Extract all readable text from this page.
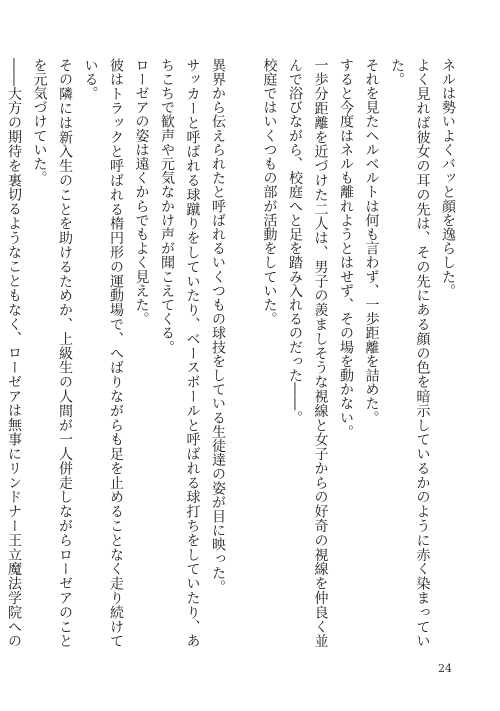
ネルは勢いよくバッと顔を逸らした。

よく見れば彼女の耳の先は、その先にある顔の色を暗示しているかのように赤く染まっていた。

それを見たヘルベルトは何も言わず、一歩距離を詰めた。

すると今度はネルも離れようとはせず、その場を動かない。

一歩分距離を近づけた二人は、男子の羨ましそうな視線と女子からの好奇の視線を仲良く並んで浴びながら、校庭へと足を踏み入れるのだった――。

校庭ではいくつもの部が活動をしていた。

異界から伝えられたと呼ばれるいくつもの球技をしている生徒達の姿が目に映った。

サッカーと呼ばれる球蹴りをしていたり、ベースボールと呼ばれる球打ちをしていたり、あちこちで歓声や元気なかけ声が聞こえてくる。

ローゼアの姿は遠くからでもよく見えた。

彼はトラックと呼ばれる楕円形の運動場で、へばりながらも足を止めることなく走り続けている。

その隣には新入生のことを助けるためか、上級生の人間が一人併走しながらローゼアのことを元気づけていた。

――大方の期待を裏切るようなこともなく、ローゼアは無事にリンドナー王立魔法学院への

24
